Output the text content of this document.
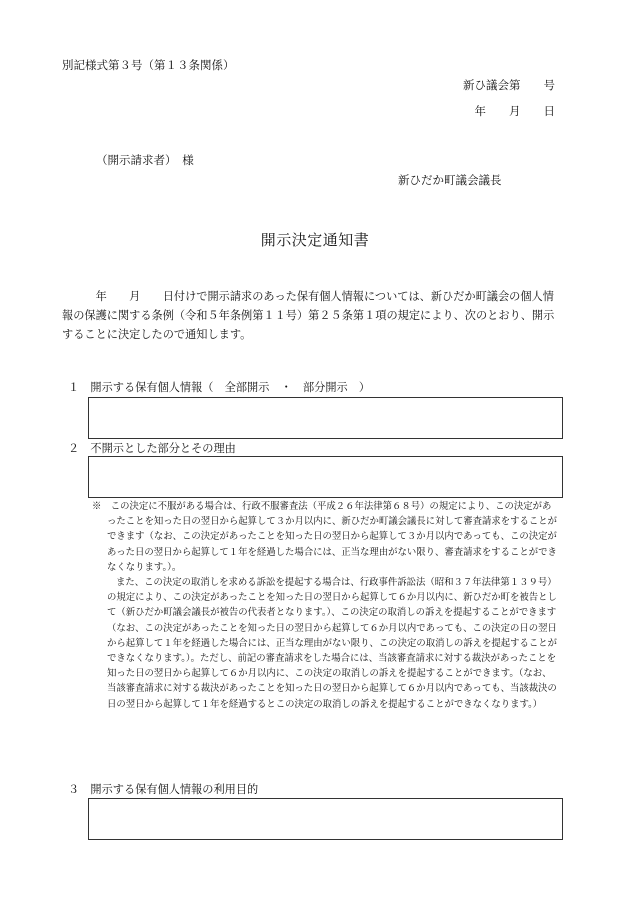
別記様式第３号（第１３条関係）
新ひ議会第　　号
年　　月　　日
（開示請求者）　様
新ひだか町議会議長
開示決定通知書
　　　年　　月　　日付けで開示請求のあった保有個人情報については、新ひだか町議会の個人情報の保護に関する条例（令和５年条例第１１号）第２５条第１項の規定により、次のとおり、開示することに決定したので通知します。
１　 開示する保有個人情報（　全部開示　・　部分開示　）
２　 不開示とした部分とその理由

※　この決定に不服がある場合は、行政不服審査法（平成２６年法律第６８号）の規定により、この決定があったことを知った日の翌日から起算して３か月以内に、新ひだか町議会議長に対して審査請求をすることができます（なお、この決定があったことを知った日の翌日から起算して３か月以内であっても、この決定があった日の翌日から起算して１年を経過した場合には、正当な理由がない限り、審査請求をすることができなくなります。）。

また、この決定の取消しを求める訴訟を提起する場合は、行政事件訴訟法（昭和３７年法律第１３９号）の規定により、この決定があったことを知った日の翌日から起算して６か月以内に、新ひだか町を被告として（新ひだか町議会議長が被告の代表者となります。）、この決定の取消しの訴えを提起することができます（なお、この決定があったことを知った日の翌日から起算して６か月以内であっても、この決定の日の翌日から起算して１年を経過した場合には、正当な理由がない限り、この決定の取消しの訴えを提起することができなくなります。）。ただし、前記の審査請求をした場合には、当該審査請求に対する裁決があったことを知った日の翌日から起算して６か月以内に、この決定の取消しの訴えを提起することができます。（なお、当該審査請求に対する裁決があったことを知った日の翌日から起算して６か月以内であっても、当該裁決の日の翌日から起算して１年を経過するとこの決定の取消しの訴えを提起することができなくなります。）

３　 開示する保有個人情報の利用目的
